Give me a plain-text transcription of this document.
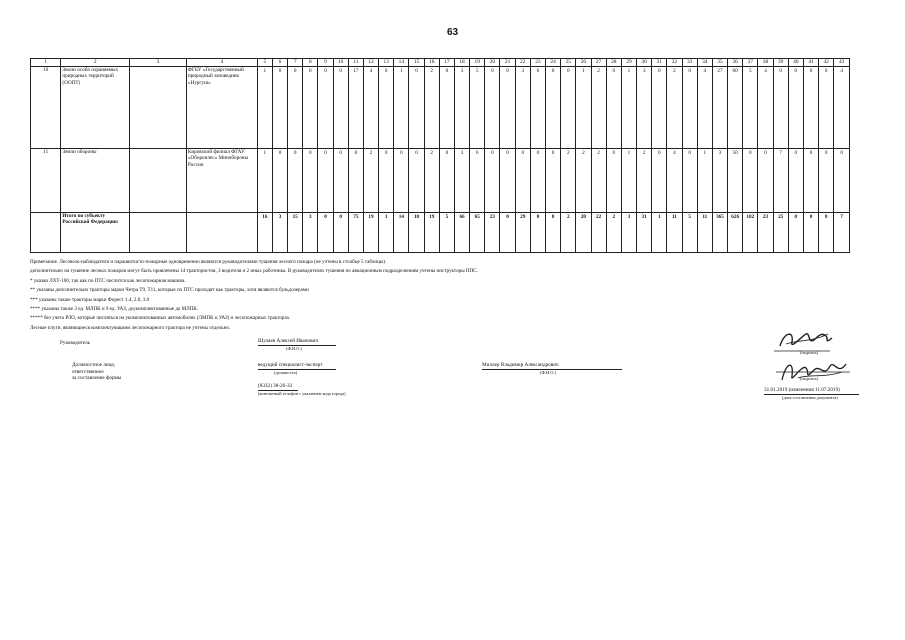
63
1	2	3	4	5	6	7	8	9	10	11	12	13	14	15	16	17	18	19	20	21	22	23	24	25	26	27	28	29	30	31	32	33	34	35	36	37	38	39	40	41	42	43
10	Земли особо охраняемых природных территорий (ООПТ)		ФГБУ «Государственный природный заповедник «Нургуш»	1	0	0	0	0	0	17	4	0	1	0	2	0	3	5	0	0	3	0	0	0	1	2	0	1	3	0	2	0	4	27	60	5	4	0	0	0	0	4
11	Земли обороны		Кировский филиал ФГАУ «Оборонлес» Минобороны России	1	0	0	0	0	0	8	2	0	0	0	2	0	3	6	0	0	0	0	0	2	2	2	0	1	2	0	4	0	1	3	50	0	0	7	0	0	0	0
	Итого по субъекту Российской Федерации:			16	3	15	3	0	0	75	19	1	14	10	19	5	66	65	23	0	29	0	0	2	20	22	2	3	31	1	11	5	11	365	626	182	23	25	0	0	0	7
Примечание. Лесовозо-наблюдатели и парашютисто-пожарные одновременно являются руководителями тушения лесного пожара (не учтены в столбце 5 таблицы).
дополнительно на тушение лесных пожаров могут быть привлечены 14 трактористов, 3 водителя и 2 иных работника. В руководителях тушения по авиационным подразделениям учтены инструкторы ППС.
* указан ЛХТ-100, так как по ПТС числится как лесопожарная машина.
** указаны дополнительно тракторы марки Четра T9, T11, которые по ПТС проходят как тракторы, хотя являются бульдозерами
*** указаны также тракторы марки Форест 1.4, 2.0, 3.0
**** указаны также 3 ед. МЛПК и 9 ед. УАЗ, доукомплектованные до МЛПК.
***** без учета РЛО, которые числяться на укомплектованных автомобилях (ЛМПК и УАЗ) и лесопожарных тракторах.
Лесные плуги, являющиеся комплектующими лесопожарного трактора не учтены отдельно.
Руководитель	Шулаев Алексей Иванович
(Ф.И.О.)
(подпись)
Должностное лицо,
ответственное
за составление формы
ведущий специалист-эксперт
(должность)
Миллер Владимир Александрович
(Ф.И.О.)
(подпись)
(8332) 38-26-33
(контактный телефон с указанием кода города)	31.01.2019 (изменения 11.07.2019)
(дата составления документа)
